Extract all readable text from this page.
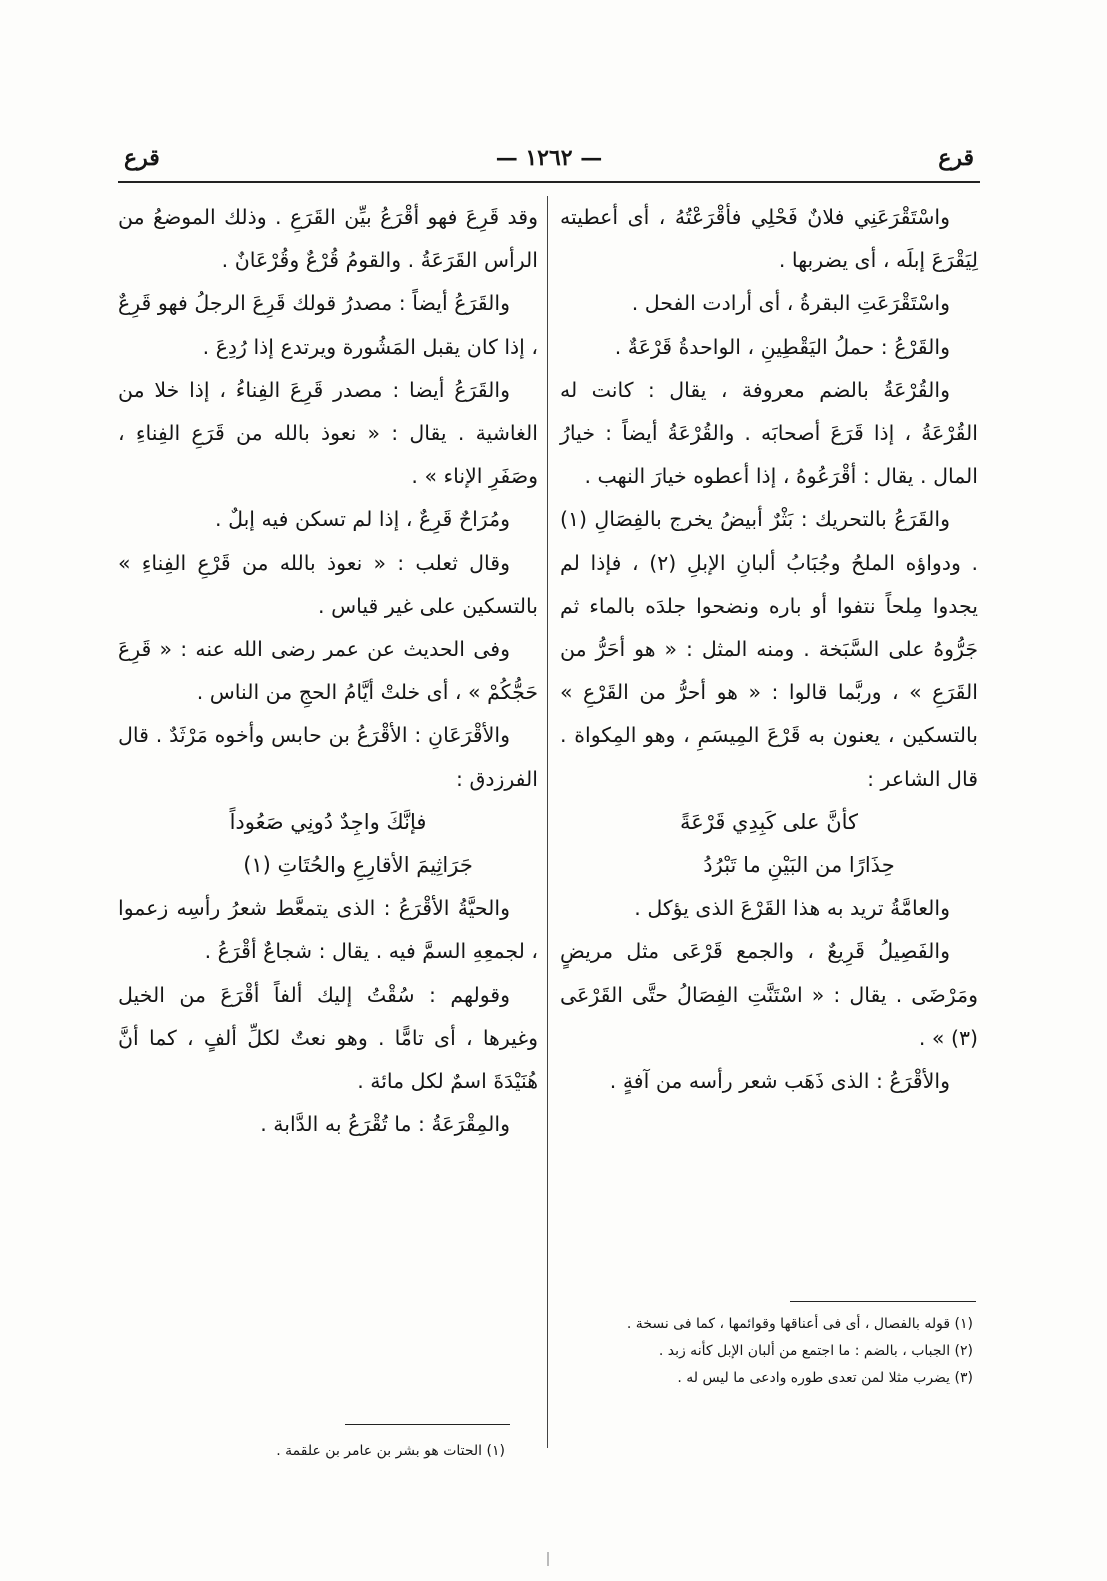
قرع
— ١٢٦٢ —
قرع

واسْتَقْرَعَنِي فلانٌ فَحْلِي فأقْرَعْتُهُ ، أى أعطيته لِيَقْرَعَ إبلَه ، أى يضربها .

واسْتَقْرَعَتِ البقرةُ ، أى أرادت الفحل .

والقَرْعُ : حملُ اليَقْطِينِ ، الواحدةُ قَرْعَةٌ .

والقُرْعَةُ بالضم معروفة ، يقال : كانت له القُرْعَةُ ، إذا قَرَعَ أصحابَه . والقُرْعَةُ أيضاً : خيارُ المال . يقال : أقْرَعُوهُ ، إذا أعطوه خيارَ النهب .

والقَرَعُ بالتحريك : بَثْرٌ أبيضُ يخرج بالفِصَالِ (١) . ودواؤه الملحُ وجُبَابُ ألبانِ الإبلِ (٢) ، فإذا لم يجدوا مِلحاً نتفوا أو باره ونضحوا جلدَه بالماء ثم جَرُّوهُ على السَّبَخة . ومنه المثل : « هو أحَرُّ من القَرَعِ » ، وربَّما قالوا : « هو أحرُّ من القَرْعِ » بالتسكين ، يعنون به قَرْعَ المِيسَمِ ، وهو المِكواة . قال الشاعر :

كأنَّ على كَبِدِي قَرْعَةً

حِذَارًا من البَيْنِ ما تَبْرُدُ

والعامَّةُ تريد به هذا القَرْعَ الذى يؤكل .

والفَصِيلُ قَرِيعٌ ، والجمع قَرْعَى مثل مريضٍ ومَرْضَى . يقال : « اسْتَنَّتِ الفِصَالُ حتَّى القَرْعَى (٣) » .

والأقْرَعُ : الذى ذَهَب شعر رأسه من آفةٍ .

(١) قوله بالفصال ، أى فى أعناقها وقوائمها ، كما فى نسخة .

(٢) الجباب ، بالضم : ما اجتمع من ألبان الإبل كأنه زبد .

(٣) يضرب مثلا لمن تعدى طوره وادعى ما ليس له .

وقد قَرِعَ فهو أقْرَعُ بيِّن القَرَعِ . وذلك الموضعُ من الرأس القَرَعَةُ . والقومُ قُرْعٌ وقُرْعَانٌ .

والقَرَعُ أيضاً : مصدرُ قولك قَرِعَ الرجلُ فهو قَرِعٌ ، إذا كان يقبل المَشُورة ويرتدع إذا رُدِعَ .

والقَرَعُ أيضا : مصدر قَرِعَ الفِناءُ ، إذا خلا من الغاشية . يقال : « نعوذ بالله من قَرَعِ الفِناءِ ، وصَفَرِ الإناء » .

ومُرَاحٌ قَرِعٌ ، إذا لم تسكن فيه إبلٌ .

وقال ثعلب : « نعوذ بالله من قَرْعِ الفِناءِ » بالتسكين على غير قياس .

وفى الحديث عن عمر رضى الله عنه : « قَرِعَ حَجُّكُمْ » ، أى خلتْ أيَّامُ الحجِ من الناس .

والأقْرَعَانِ : الأقْرَعُ بن حابس وأخوه مَرْثَدٌ . قال الفرزدق :

فإنَّكَ واجِدٌ دُونِي صَعُوداً

جَرَاثِيمَ الأقارِعِ والحُتَاتِ (١)

والحيَّةُ الأقْرَعُ : الذى يتمعَّط شعرُ رأسِه زعموا ، لجمعِهِ السمَّ فيه . يقال : شجاعٌ أقْرَعُ .

وقولهم : سُقْتُ إليك ألفاً أقْرَعَ من الخيل وغيرها ، أى تامًّا . وهو نعتٌ لكلِّ ألفٍ ، كما أنَّ هُنَيْدَةَ اسمٌ لكل مائة .

والمِقْرَعَةُ : ما تُقْرَعُ به الدَّابة .

(١) الحتات هو بشر بن عامر بن علقمة .
